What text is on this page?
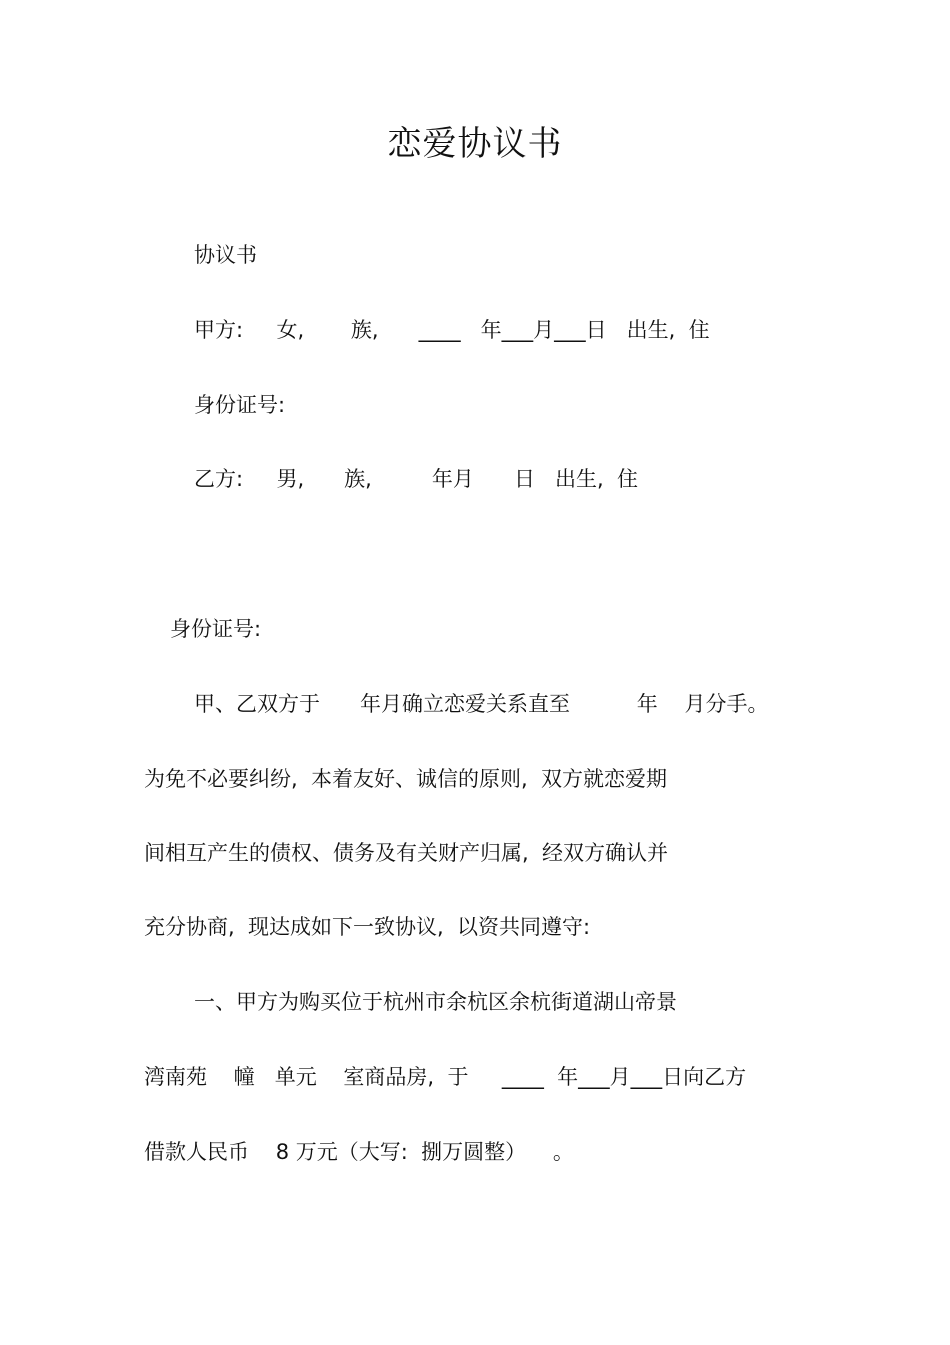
恋爱协议书
协议书
甲方:     女,       族,      ____   年___月___日   出生,  住
身份证号:
乙方:     男,      族,         年月      日   出生,  住
身份证号:
甲、乙双方于      年月确立恋爱关系直至          年    月分手。
为免不必要纠纷,  本着友好、诚信的原则,  双方就恋爱期
间相互产生的债权、债务及有关财产归属,  经双方确认并
充分协商,  现达成如下一致协议,  以资共同遵守:
一、甲方为购买位于杭州市余杭区余杭街道湖山帝景
湾南苑    幢   单元    室商品房,  于     ____  年___月___日向乙方
借款人民币    8 万元（大写:  捌万圆整）    。
